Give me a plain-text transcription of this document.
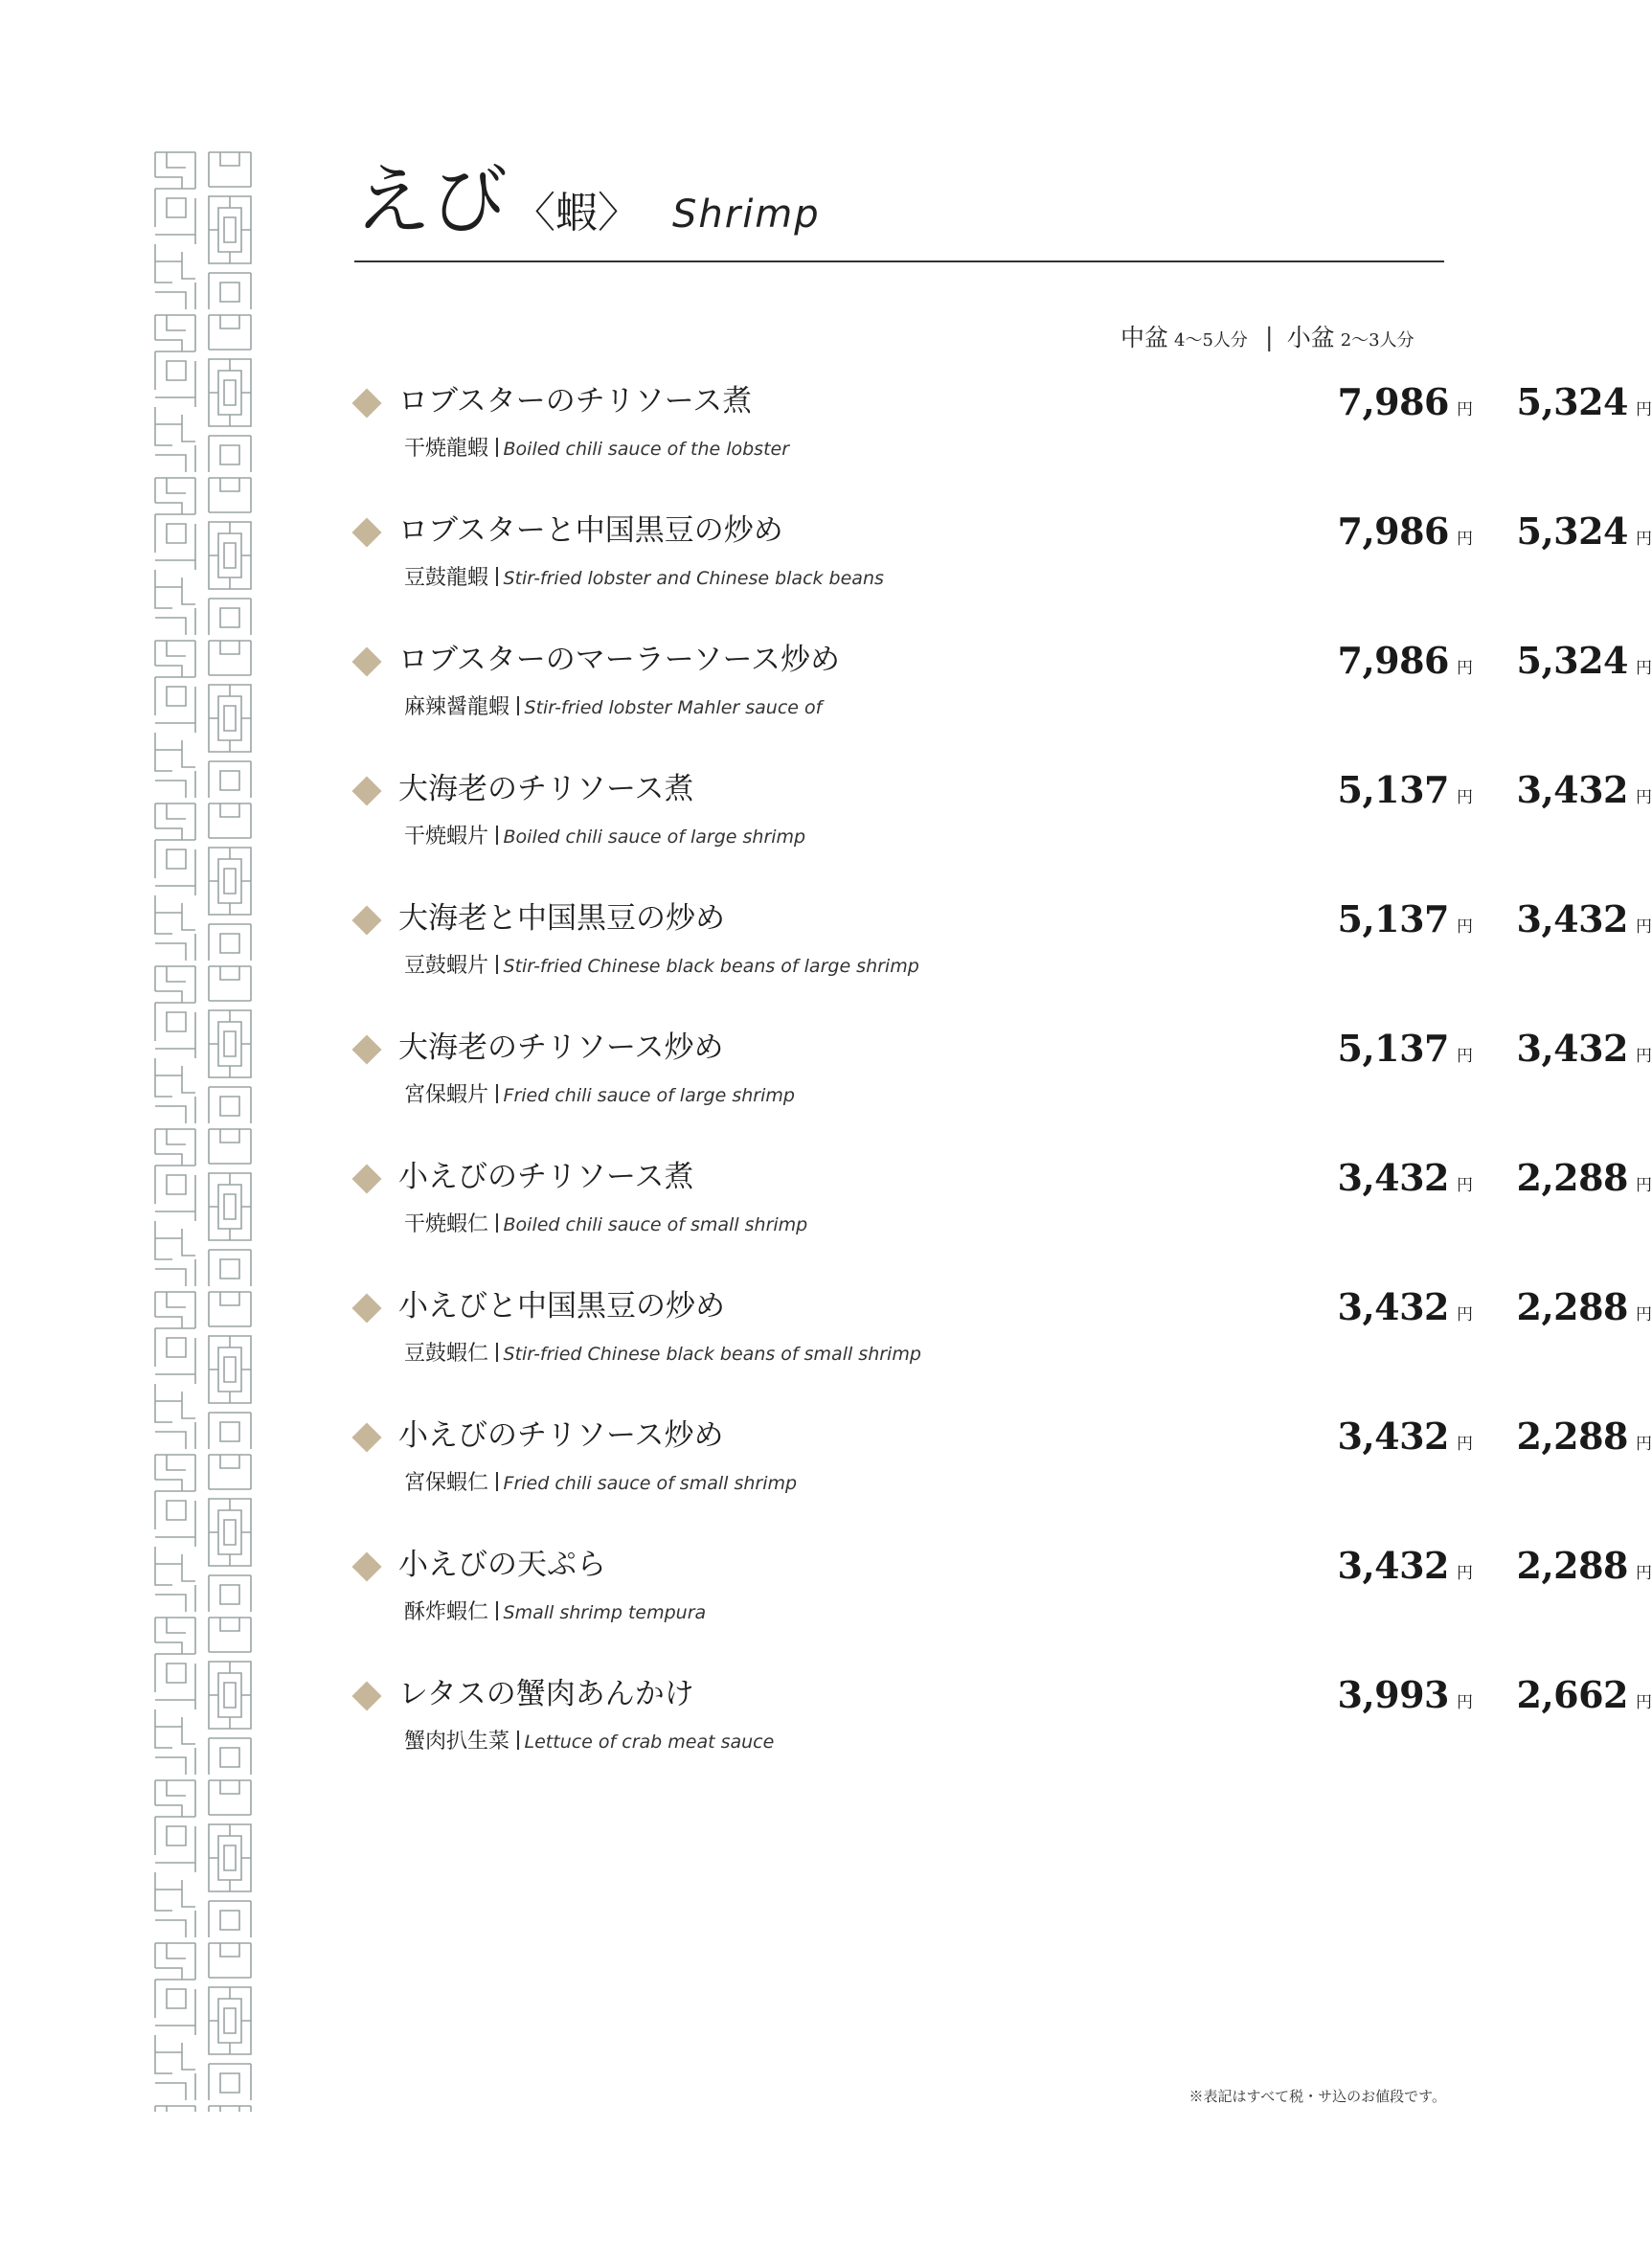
えび 〈蝦〉 Shrimp
中盆 4〜5人分 | 小盆 2〜3人分
ロブスターのチリソース煮
干焼龍蝦 Boiled chili sauce of the lobster
7,986 円 5,324 円
ロブスターと中国黒豆の炒め
豆鼓龍蝦 Stir-fried lobster and Chinese black beans
7,986 円 5,324 円
ロブスターのマーラーソース炒め
麻辣醤龍蝦 Stir-fried lobster Mahler sauce of
7,986 円 5,324 円
大海老のチリソース煮
干焼蝦片 Boiled chili sauce of large shrimp
5,137 円 3,432 円
大海老と中国黒豆の炒め
豆鼓蝦片 Stir-fried Chinese black beans of large shrimp
5,137 円 3,432 円
大海老のチリソース炒め
宮保蝦片 Fried chili sauce of large shrimp
5,137 円 3,432 円
小えびのチリソース煮
干焼蝦仁 Boiled chili sauce of small shrimp
3,432 円 2,288 円
小えびと中国黒豆の炒め
豆鼓蝦仁 Stir-fried Chinese black beans of small shrimp
3,432 円 2,288 円
小えびのチリソース炒め
宮保蝦仁 Fried chili sauce of small shrimp
3,432 円 2,288 円
小えびの天ぷら
酥炸蝦仁 Small shrimp tempura
3,432 円 2,288 円
レタスの蟹肉あんかけ
蟹肉扒生菜 Lettuce of crab meat sauce
3,993 円 2,662 円
※表記はすべて税・サ込のお値段です。
